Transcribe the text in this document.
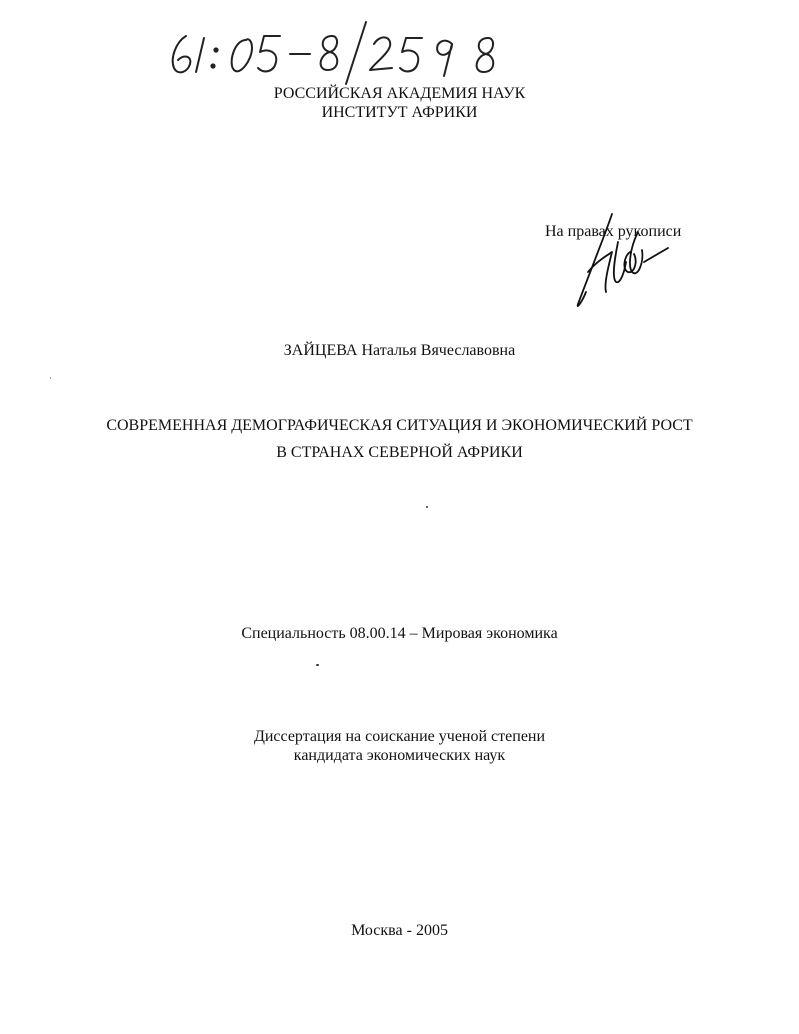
61: 05-8/2598
РОССИЙСКАЯ АКАДЕМИЯ НАУК
ИНСТИТУТ АФРИКИ
На правах рукописи
ЗАЙЦЕВА Наталья Вячеславовна
СОВРЕМЕННАЯ ДЕМОГРАФИЧЕСКАЯ СИТУАЦИЯ И ЭКОНОМИЧЕСКИЙ РОСТ
В СТРАНАХ СЕВЕРНОЙ АФРИКИ
Специальность 08.00.14 – Мировая экономика
Диссертация на соискание ученой степени
кандидата экономических наук
Москва - 2005
